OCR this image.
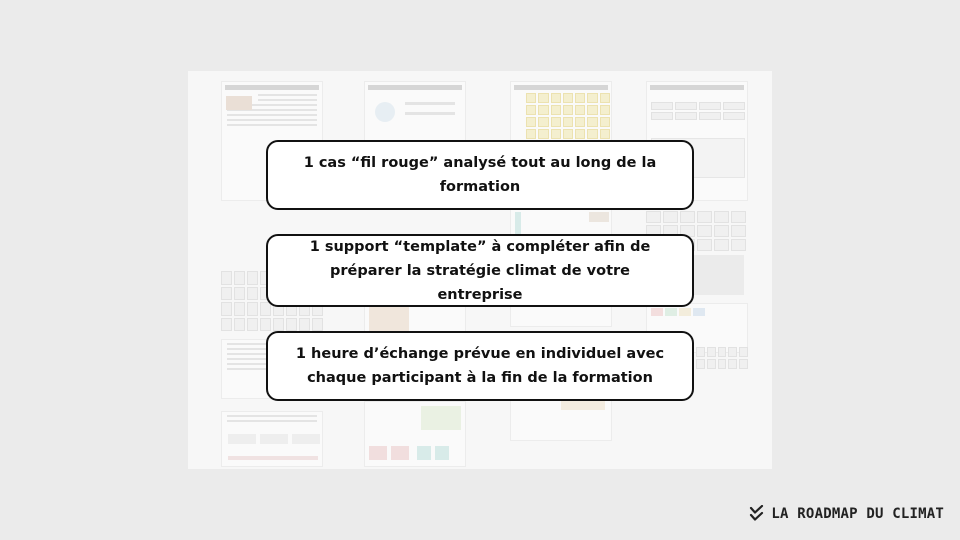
1 cas “fil rouge” analysé tout au long de la formation
1 support “template” à compléter afin de préparer la stratégie climat de votre entreprise
1 heure d’échange prévue en individuel avec chaque participant à la fin de la formation
LA ROADMAP DU CLIMAT
